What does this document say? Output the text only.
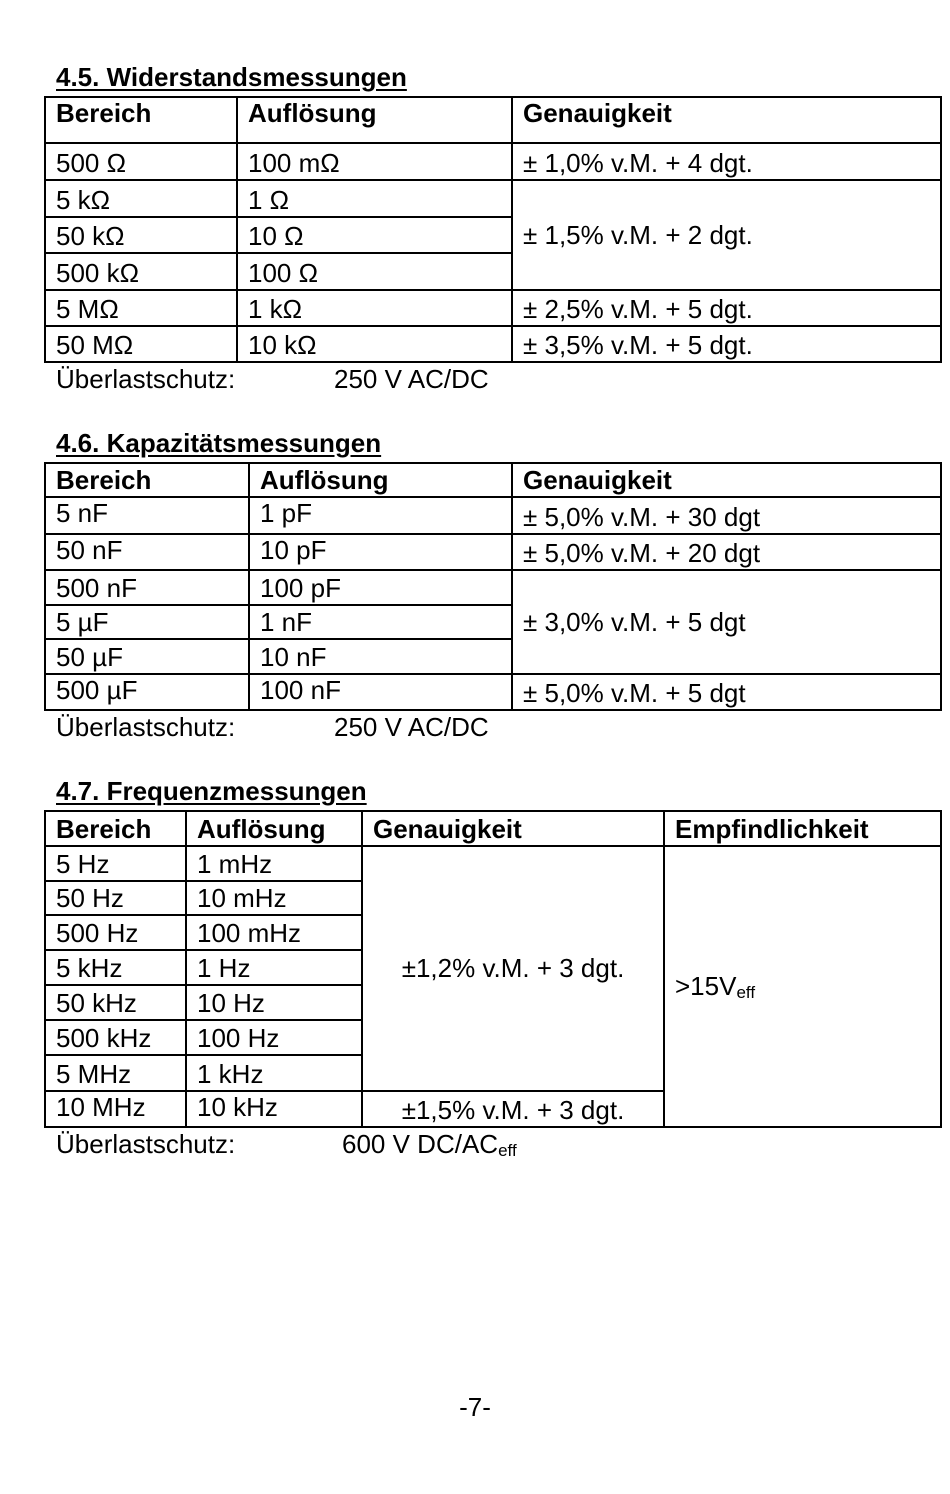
4.5. Widerstandsmessungen
Bereich	Auflösung	Genauigkeit
500 Ω	100 mΩ	± 1,0% v.M. + 4 dgt.
5 kΩ	1 Ω	± 1,5% v.M. + 2 dgt.
50 kΩ	10 Ω	
500 kΩ	100 Ω	
5 MΩ	1 kΩ	± 2,5% v.M. + 5 dgt.
50 MΩ	10 kΩ	± 3,5% v.M. + 5 dgt.
Überlastschutz:	250 V AC/DC
4.6. Kapazitätsmessungen
Bereich	Auflösung	Genauigkeit
5 nF	1 pF	± 5,0% v.M. + 30 dgt
50 nF	10 pF	± 5,0% v.M. + 20 dgt
500 nF	100 pF	± 3,0% v.M. + 5 dgt
5 µF	1 nF	
50 µF	10 nF	
500 µF	100 nF	± 5,0% v.M. + 5 dgt
Überlastschutz:	250 V AC/DC
4.7. Frequenzmessungen
Bereich	Auflösung	Genauigkeit	Empfindlichkeit
5 Hz	1 mHz	±1,2% v.M. + 3 dgt.	>15Veff
50 Hz	10 mHz		
500 Hz	100 mHz		
5 kHz	1 Hz		
50 kHz	10 Hz		
500 kHz	100 Hz		
5 MHz	1 kHz		
10 MHz	10 kHz	±1,5% v.M. + 3 dgt.	
Überlastschutz:	600 V DC/ACeff
-7-
